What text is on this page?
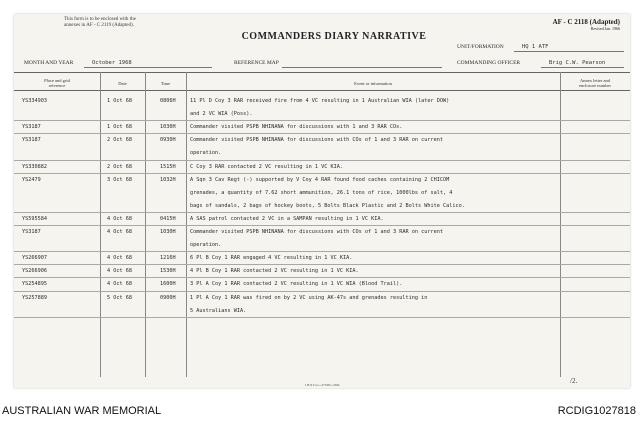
This form is to be enclosed with the
annexes in AF - C 2119 (Adapted).
COMMANDERS DIARY NARRATIVE
AF - C 2118 (Adapted)
Revised Jan. 1966
UNIT/FORMATION	HQ 1 ATF
MONTH AND YEAR	October 1968	REFERENCE MAP	COMMANDING OFFICER	Brig C.W. Pearson
Place and grid
reference	Date	Time	Event or information
Annex letter and
enclosure number
YS334903	1 Oct 68	0806H	11 Pl D Coy 3 RAR received fire from 4 VC resulting in 1 Australian WIA (later DOW)
and 2 VC WIA (Poss).
YS3187	1 Oct 68	1030H	Commander visited PSPB NHINANA for discussions with 1 and 3 RAR COs.
YS3187	2 Oct 68	0930H	Commander visited PSPB NHINANA for discussions with COs of 1 and 3 RAR on current
operation.
YS330882	2 Oct 68	1515H	C Coy 3 RAR contacted 2 VC resulting in 1 VC KIA.
YS2479	3 Oct 68	1032H	A Sqn 3 Cav Regt (-) supported by V Coy 4 RAR found food caches containing 2 CHICOM
grenades, a quantity of 7.62 short ammunition, 26.1 tons of rice, 1000lbs of salt, 4
bags of sandals, 2 bags of hockey boots, 5 Bolts Black Plastic and 2 Bolts White Calico.
YS595584	4 Oct 68	0415H	A SAS patrol contacted 2 VC in a SAMPAN resulting in 1 VC KIA.
YS3187	4 Oct 68	1030H	Commander visited PSPB NHINANA for discussions with COs of 1 and 3 RAR on current
operation.
YS266907	4 Oct 68	1216H	6 Pl B Coy 1 RAR engaged 4 VC resulting in 1 VC KIA.
YS266906	4 Oct 68	1530H	4 Pl B Coy 1 RAR contacted 2 VC resulting in 1 VC KIA.
YS254895	4 Oct 68	1600H	3 Pl A Coy 1 RAR contacted 2 VC resulting in 1 VC WIA (Blood Trail).
YS257889	5 Oct 68	0900H	1 Pl A Coy 1 RAR was fired on by 2 VC using AK-47s and grenades resulting in
5 Australians WIA.
/2.
1 B P Cov--275/65--50m
AUSTRALIAN WAR MEMORIAL	RCDIG1027818
